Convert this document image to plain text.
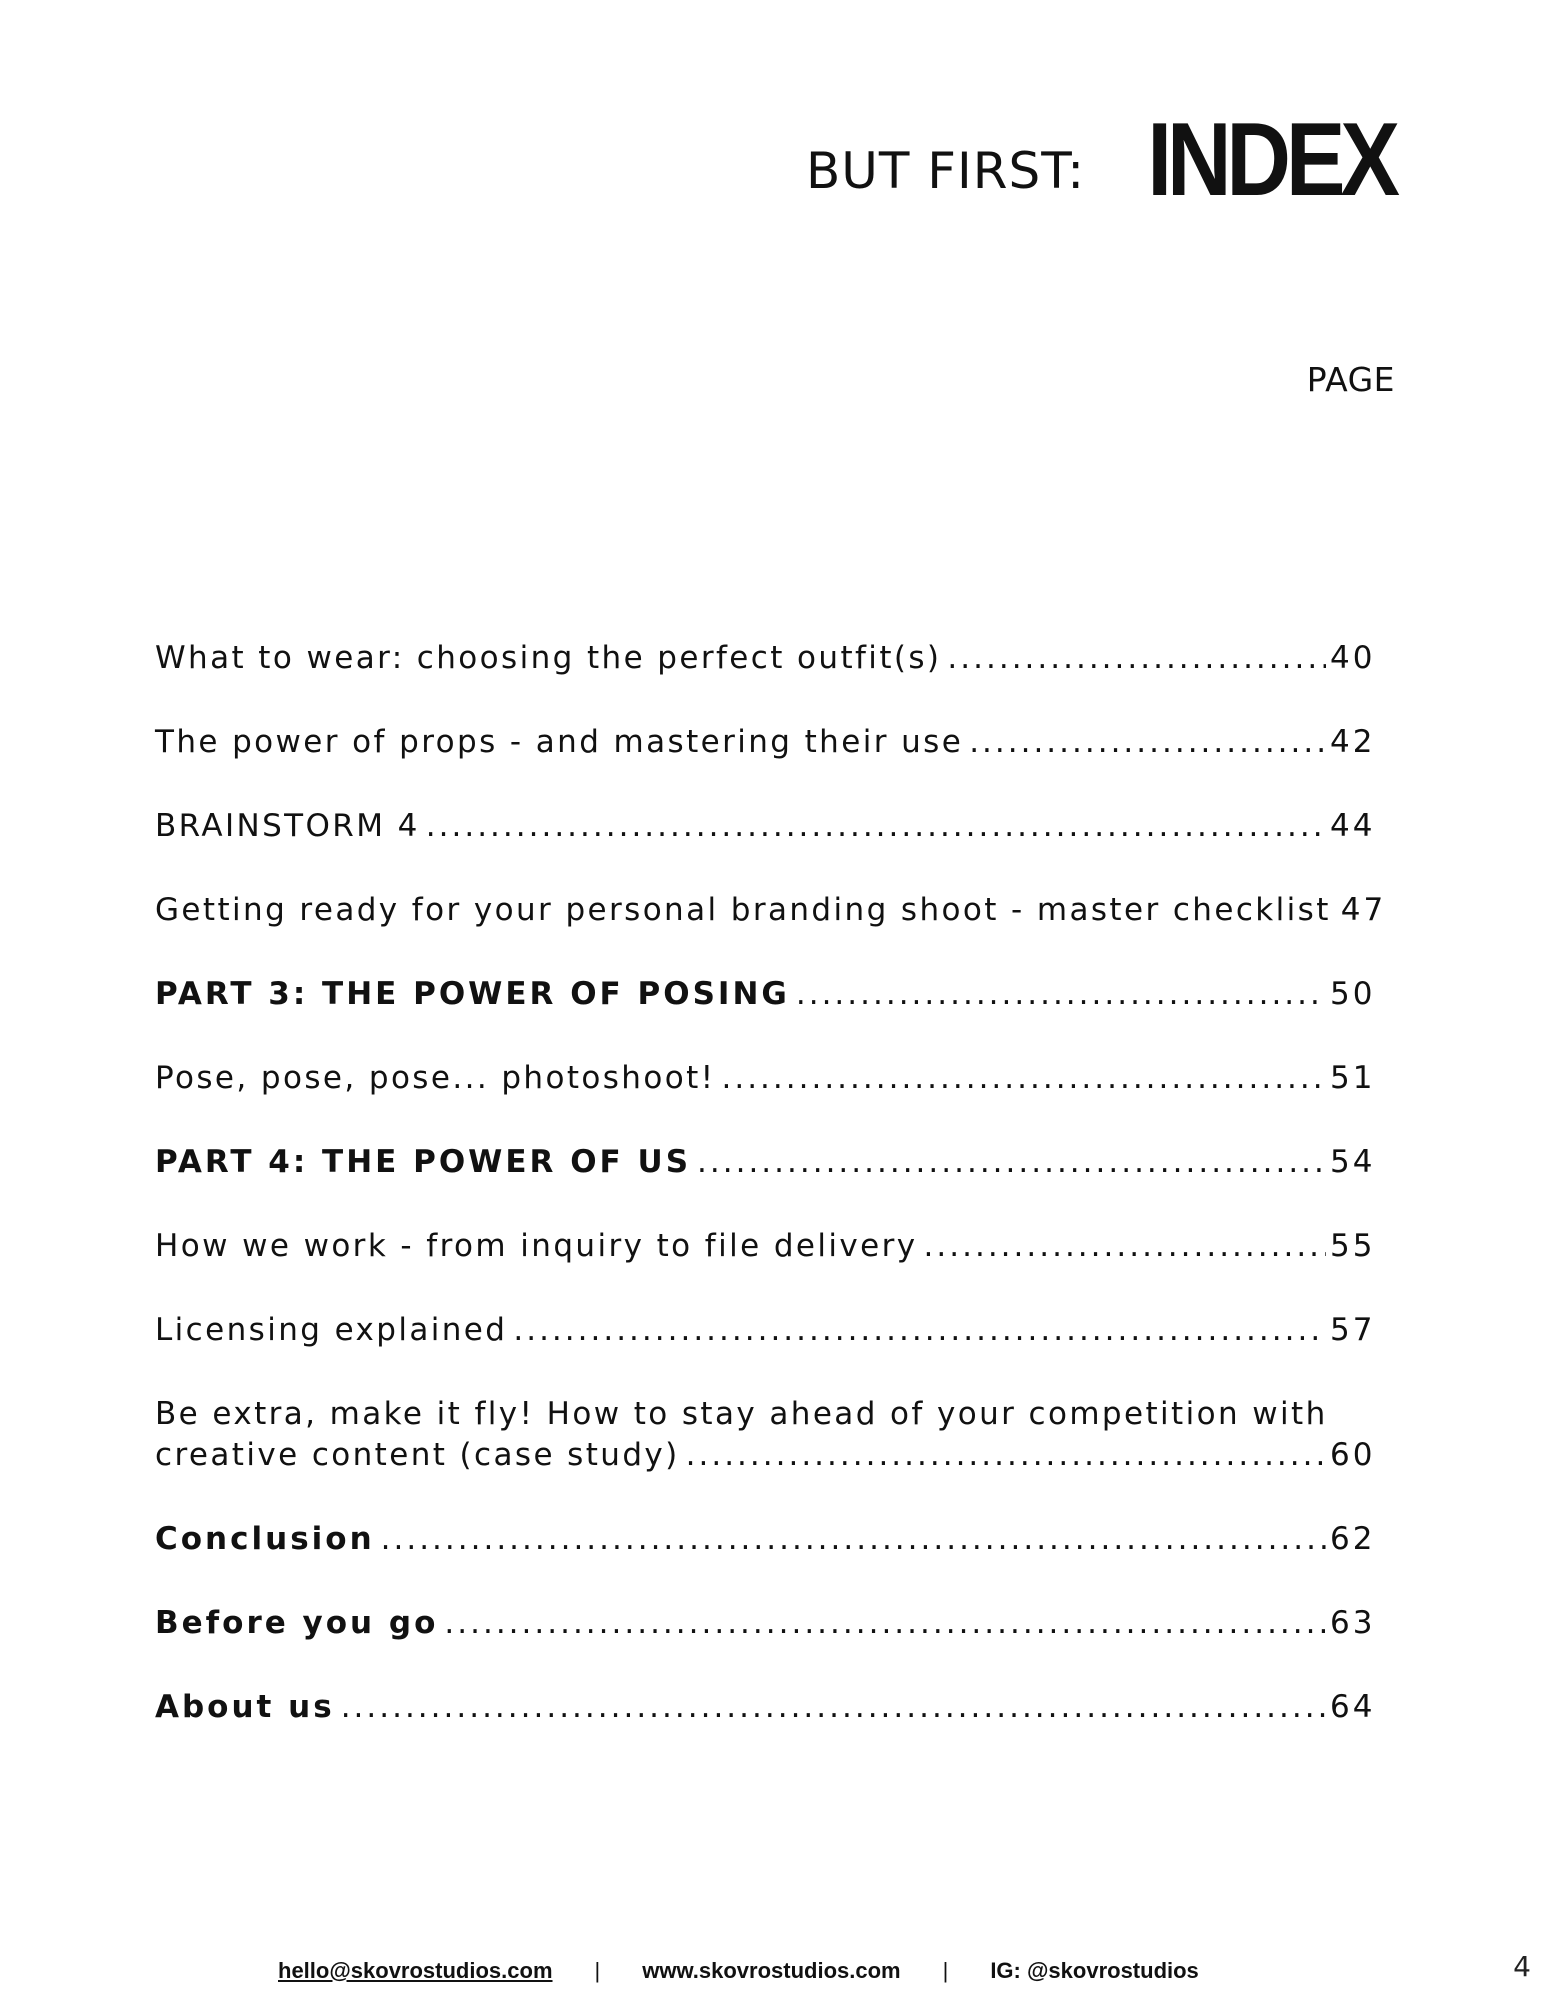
BUT FIRST: INDEX
PAGE
What to wear: choosing the perfect outfit(s) .....	40
The power of props - and mastering their use .....	42
BRAINSTORM 4 .....	44
Getting ready for your personal branding shoot - master checklist 47
PART 3: THE POWER OF POSING .....	50
Pose, pose, pose... photoshoot! .....	51
PART 4: THE POWER OF US .....	54
How we work - from inquiry to file delivery .....	55
Licensing explained .....	57
Be extra, make it fly! How to stay ahead of your competition with
creative content (case study) .....	60
Conclusion .....	62
Before you go .....	63
About us .....	64
hello@skovrostudios.com | www.skovrostudios.com | IG: @skovrostudios	4
